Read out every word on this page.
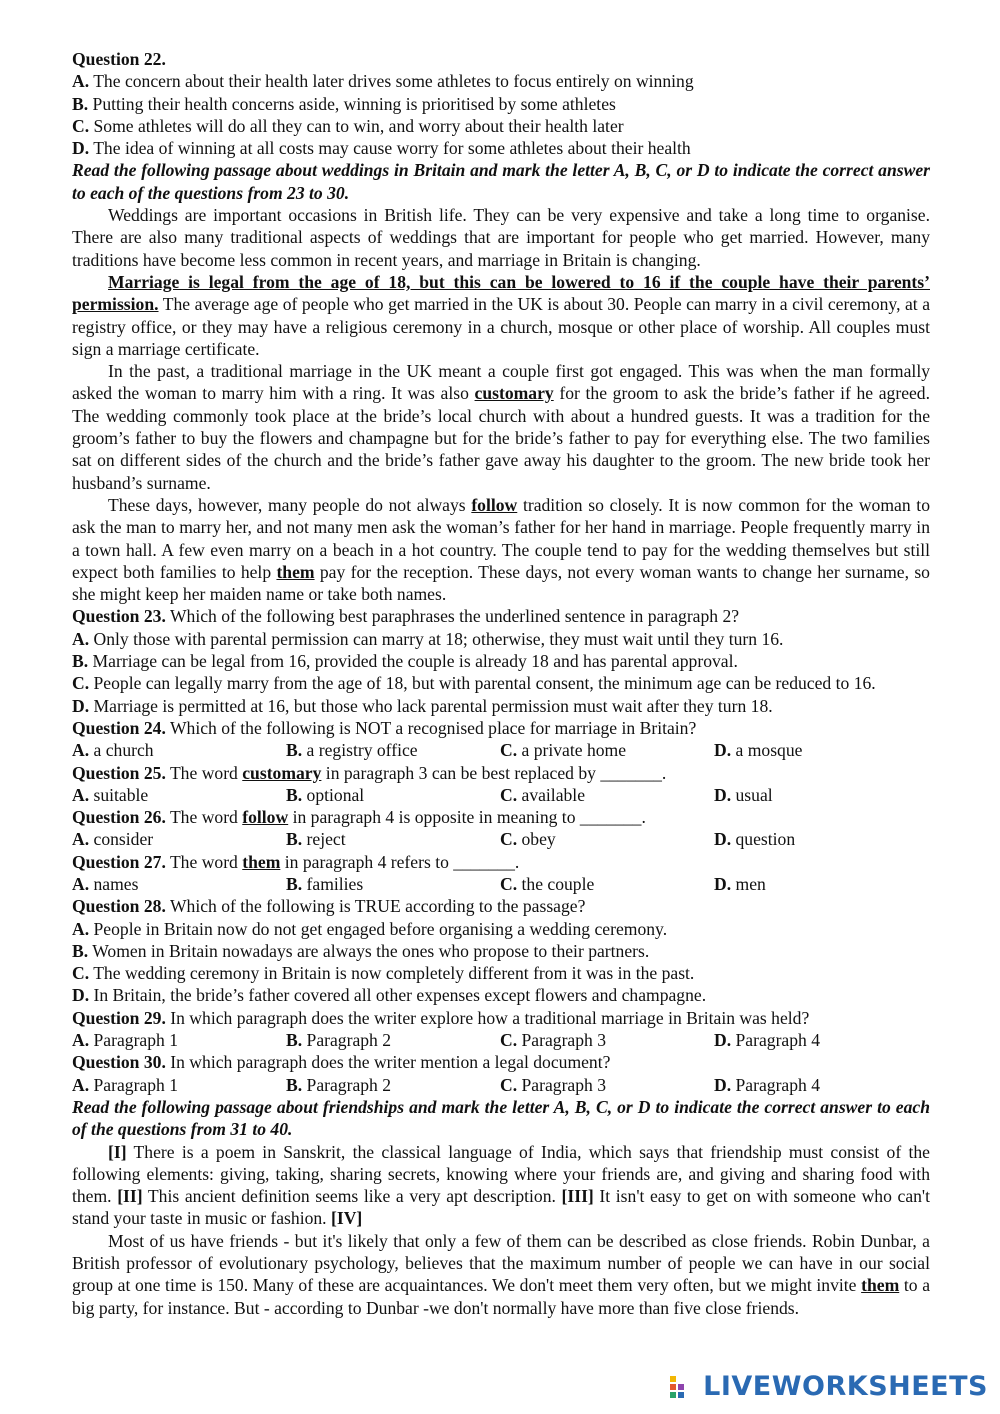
Question 22.
A. The concern about their health later drives some athletes to focus entirely on winning
B. Putting their health concerns aside, winning is prioritised by some athletes
C. Some athletes will do all they can to win, and worry about their health later
D. The idea of winning at all costs may cause worry for some athletes about their health
Read the following passage about weddings in Britain and mark the letter A, B, C, or D to indicate the correct answer to each of the questions from 23 to 30.
Weddings are important occasions in British life. They can be very expensive and take a long time to organise. There are also many traditional aspects of weddings that are important for people who get married. However, many traditions have become less common in recent years, and marriage in Britain is changing.
Marriage is legal from the age of 18, but this can be lowered to 16 if the couple have their parents’ permission. The average age of people who get married in the UK is about 30. People can marry in a civil ceremony, at a registry office, or they may have a religious ceremony in a church, mosque or other place of worship. All couples must sign a marriage certificate.
In the past, a traditional marriage in the UK meant a couple first got engaged. This was when the man formally asked the woman to marry him with a ring. It was also customary for the groom to ask the bride’s father if he agreed. The wedding commonly took place at the bride’s local church with about a hundred guests. It was a tradition for the groom’s father to buy the flowers and champagne but for the bride’s father to pay for everything else. The two families sat on different sides of the church and the bride’s father gave away his daughter to the groom. The new bride took her husband’s surname.
These days, however, many people do not always follow tradition so closely. It is now common for the woman to ask the man to marry her, and not many men ask the woman’s father for her hand in marriage. People frequently marry in a town hall. A few even marry on a beach in a hot country. The couple tend to pay for the wedding themselves but still expect both families to help them pay for the reception. These days, not every woman wants to change her surname, so she might keep her maiden name or take both names.
Question 23. Which of the following best paraphrases the underlined sentence in paragraph 2?
A. Only those with parental permission can marry at 18; otherwise, they must wait until they turn 16.
B. Marriage can be legal from 16, provided the couple is already 18 and has parental approval.
C. People can legally marry from the age of 18, but with parental consent, the minimum age can be reduced to 16.
D. Marriage is permitted at 16, but those who lack parental permission must wait after they turn 18.
Question 24. Which of the following is NOT a recognised place for marriage in Britain?
A. a church	B. a registry office	C. a private home	D. a mosque
Question 25. The word customary in paragraph 3 can be best replaced by _______.
A. suitable	B. optional	C. available	D. usual
Question 26. The word follow in paragraph 4 is opposite in meaning to _______.
A. consider	B. reject	C. obey	D. question
Question 27. The word them in paragraph 4 refers to _______.
A. names	B. families	C. the couple	D. men
Question 28. Which of the following is TRUE according to the passage?
A. People in Britain now do not get engaged before organising a wedding ceremony.
B. Women in Britain nowadays are always the ones who propose to their partners.
C. The wedding ceremony in Britain is now completely different from it was in the past.
D. In Britain, the bride’s father covered all other expenses except flowers and champagne.
Question 29. In which paragraph does the writer explore how a traditional marriage in Britain was held?
A. Paragraph 1	B. Paragraph 2	C. Paragraph 3	D. Paragraph 4
Question 30. In which paragraph does the writer mention a legal document?
A. Paragraph 1	B. Paragraph 2	C. Paragraph 3	D. Paragraph 4
Read the following passage about friendships and mark the letter A, B, C, or D to indicate the correct answer to each of the questions from 31 to 40.
[I] There is a poem in Sanskrit, the classical language of India, which says that friendship must consist of the following elements: giving, taking, sharing secrets, knowing where your friends are, and giving and sharing food with them. [II] This ancient definition seems like a very apt description. [III] It isn't easy to get on with someone who can't stand your taste in music or fashion. [IV]
Most of us have friends - but it's likely that only a few of them can be described as close friends. Robin Dunbar, a British professor of evolutionary psychology, believes that the maximum number of people we can have in our social group at one time is 150. Many of these are acquaintances. We don't meet them very often, but we might invite them to a big party, for instance. But - according to Dunbar -we don't normally have more than five close friends.
LIVEWORKSHEETS
